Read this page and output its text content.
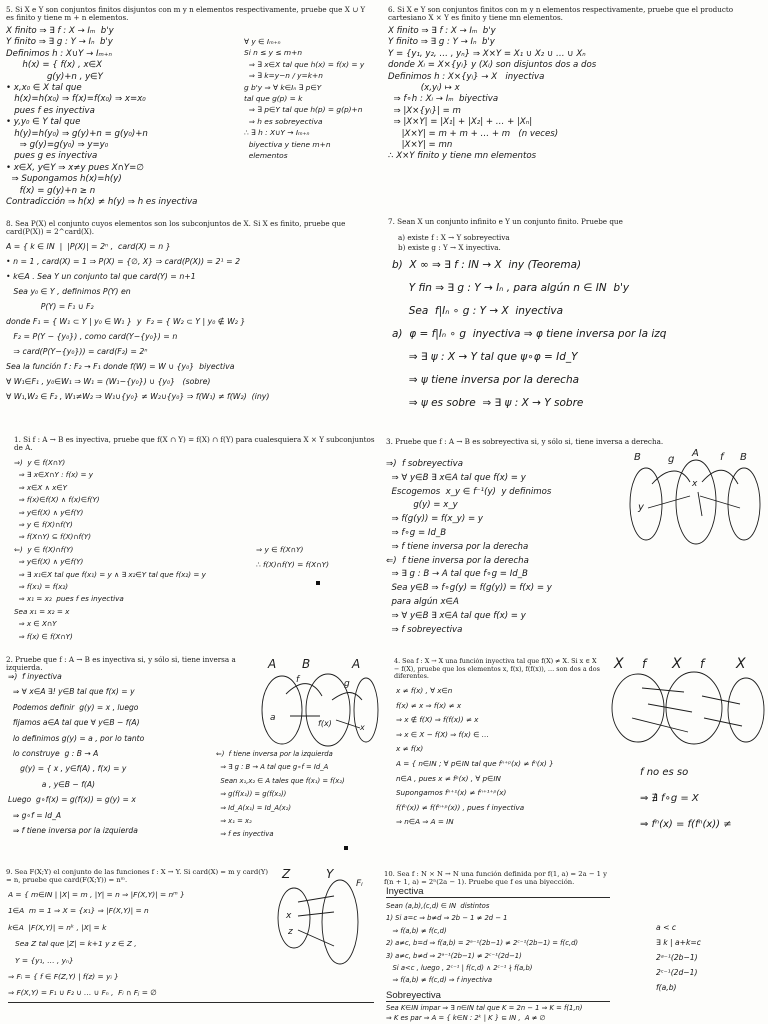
5. Si X e Y son conjuntos finitos disjuntos con m y n elementos respectivamente, pruebe que X ∪ Y es finito y tiene m + n elementos.
X finito ⇒ ∃ f : X → Iₘ  b'y
Y finito ⇒ ∃ g : Y → Iₙ  b'y
Definimos h : X∪Y → Iₘ₊ₙ
h(x) = { f(x) , x∈X
g(y)+n , y∈Y
• x,x₀ ∈ X tal que
h(x)=h(x₀) ⇒ f(x)=f(x₀) ⇒ x=x₀
pues f es inyectiva
• y,y₀ ∈ Y tal que
h(y)=h(y₀) ⇒ g(y)+n = g(y₀)+n
⇒ g(y)=g(y₀) ⇒ y=y₀
pues g es inyectiva
• x∈X, y∈Y ⇒ x≠y pues X∩Y=∅
⇒ Supongamos h(x)=h(y)
f(x) = g(y)+n ≥ n
Contradicción ⇒ h(x) ≠ h(y) ⇒ h es inyectiva
∀ y ∈ Iₘ₊ₙ
Si n ≤ y ≤ m+n
⇒ ∃ x∈X tal que h(x) = f(x) = y
⇒ ∃ k=y−n / y=k+n
g b'y ⇒ ∀ k∈Iₙ ∃ p∈Y
tal que g(p) = k
⇒ ∃ p∈Y tal que h(p) = g(p)+n
⇒ h es sobreyectiva
∴ ∃ h : X∪Y → Iₘ₊ₙ
biyectiva y tiene m+n
elementos
6. Si X e Y son conjuntos finitos con m y n elementos respectivamente, pruebe que el producto cartesiano X × Y es finito y tiene mn elementos.
X finito ⇒ ∃ f : X → Iₘ  b'y
Y finito ⇒ ∃ g : Y → Iₙ  b'y
Y = {y₁, y₂, … , yₙ} ⇒ X×Y = X₁ ∪ X₂ ∪ … ∪ Xₙ
donde Xᵢ = X×{yᵢ} y (Xᵢ) son disjuntos dos a dos
Definimos h : X×{yᵢ} → X   inyectiva
(x,yᵢ) ↦ x
⇒ f∘h : Xᵢ → Iₘ  biyectiva
⇒ |X×{yᵢ}| = m
⇒ |X×Y| = |X₁| + |X₂| + … + |Xₙ|
|X×Y| = m + m + … + m   (n veces)
|X×Y| = mn
∴ X×Y finito y tiene mn elementos
8. Sea P(X) el conjunto cuyos elementos son los subconjuntos de X. Si X es finito, pruebe que card(P(X)) = 2^card(X).
A = { k ∈ IN  |  |P(X)| = 2ⁿ ,  card(X) = n }
• n = 1 , card(X) = 1 ⇒ P(X) = {∅, X} ⇒ card(P(X)) = 2¹ = 2
• k∈A . Sea Y un conjunto tal que card(Y) = n+1
Sea y₀ ∈ Y , definimos P(Y) en
P(Y) = F₁ ∪ F₂
donde F₁ = { W₁ ⊂ Y | y₀ ∈ W₁ }  y  F₂ = { W₂ ⊂ Y | y₀ ∉ W₂ }
F₂ = P(Y − {y₀}) , como card(Y−{y₀}) = n
⇒ card(P(Y−{y₀})) = card(F₂) = 2ⁿ
Sea la función f : F₂ → F₁ donde f(W) = W ∪ {y₀}  biyectiva
∀ W₁∈F₁ , y₀∈W₁ ⇒ W₁ = (W₁−{y₀}) ∪ {y₀}   (sobre)
∀ W₁,W₂ ∈ F₂ , W₁≠W₂ ⇒ W₁∪{y₀} ≠ W₂∪{y₀} ⇒ f(W₁) ≠ f(W₂)  (iny)
7. Sean X un conjunto infinito e Y un conjunto finito. Pruebe que
a) existe f : X → Y sobreyectiva
b) existe g : Y → X inyectiva.
b)  X ∞ ⇒ ∃ f : IN → X  iny (Teorema)
Y fin ⇒ ∃ g : Y → Iₙ , para algún n ∈ IN  b'y
Sea  f|Iₙ ∘ g : Y → X  inyectiva
a)  φ = f|Iₙ ∘ g  inyectiva ⇒ φ tiene inversa por la izq
⇒ ∃ ψ : X → Y tal que ψ∘φ = Id_Y
⇒ ψ tiene inversa por la derecha
⇒ ψ es sobre  ⇒ ∃ ψ : X → Y sobre
1. Si f : A → B es inyectiva, pruebe que f(X ∩ Y) = f(X) ∩ f(Y) para cualesquiera X × Y subconjuntos de A.
⇒)  y ∈ f(X∩Y)
⇒ ∃ x∈X∩Y : f(x) = y
⇒ x∈X ∧ x∈Y
⇒ f(x)∈f(X) ∧ f(x)∈f(Y)
⇒ y∈f(X) ∧ y∈f(Y)
⇒ y ∈ f(X)∩f(Y)
⇒ f(X∩Y) ⊆ f(X)∩f(Y)
⇐)  y ∈ f(X)∩f(Y)
⇒ y∈f(X) ∧ y∈f(Y)
⇒ ∃ x₁∈X tal que f(x₁) = y ∧ ∃ x₂∈Y tal que f(x₂) = y
⇒ f(x₁) = f(x₂)
⇒ x₁ = x₂  pues f es inyectiva
Sea x₁ = x₂ = x
⇒ x ∈ X∩Y
⇒ f(x) ∈ f(X∩Y)
⇒ y ∈ f(X∩Y)
∴ f(X)∩f(Y) = f(X∩Y)
3. Pruebe que f : A → B es sobreyectiva si, y sólo si, tiene inversa a derecha.
⇒)  f sobreyectiva
⇒ ∀ y∈B ∃ x∈A tal que f(x) = y
Escogemos  x_y ∈ f⁻¹(y)  y definimos
g(y) = x_y
⇒ f(g(y)) = f(x_y) = y
⇒ f∘g = Id_B
⇒ f tiene inversa por la derecha
⇐)  f tiene inversa por la derecha
⇒ ∃ g : B → A tal que f∘g = Id_B
Sea y∈B ⇒ f∘g(y) = f(g(y)) = f(x) = y
para algún x∈A
⇒ ∀ y∈B ∃ x∈A tal que f(x) = y
⇒ f sobreyectiva
A
B	B
g	f
y
x
2. Pruebe que f : A → B es inyectiva si, y sólo si, tiene inversa a izquierda.
⇒)  f inyectiva
⇒ ∀ x∈A ∃! y∈B tal que f(x) = y
Podemos definir  g(y) = x , luego
fijamos a∈A tal que ∀ y∈B − f(A)
lo definimos g(y) = a , por lo tanto
lo construye  g : B → A
g(y) = { x , y∈f(A) , f(x) = y
a , y∈B − f(A)
Luego  g∘f(x) = g(f(x)) = g(y) = x
⇒ g∘f = Id_A
⇒ f tiene inversa por la izquierda
A B	A
f	g
a
f(x)	x
⇐)  f tiene inversa por la izquierda
⇒ ∃ g : B → A tal que g∘f = Id_A
Sean x₁,x₂ ∈ A tales que f(x₁) = f(x₂)
⇒ g(f(x₁)) = g(f(x₂))
⇒ Id_A(x₁) = Id_A(x₂)
⇒ x₁ = x₂
⇒ f es inyectiva
4. Sea f : X → X una función inyectiva tal que f(X) ≠ X. Si x ∈ X − f(X), pruebe que los elementos x, f(x), f(f(x)), … son dos a dos diferentes.
x ≠ f(x) , ∀ x∈n
f(x) ≠ x ⇒ f(x) ≠ x
⇒ x ∉ f(X) ⇒ f(f(x)) ≠ x
⇒ x ∈ X − f(X) ⇒ f(x) ∈ …
x ≠ f(x)
A = { n∈IN ; ∀ p∈IN tal que fⁿ⁺ᵖ(x) ≠ fⁿ(x) }
n∈A , pues x ≠ fᵖ(x) , ∀ p∈IN
Supongamos fⁿ⁺¹(x) ≠ fⁿ⁺¹⁺ᵖ(x)
f(fⁿ(x)) ≠ f(fⁿ⁺ᵖ(x)) , pues f inyectiva
⇒ n∈A ⇒ A = IN
X f X f X
f no es so
⇒ ∄ f∘g = X
⇒ fⁿ(x) = f(fⁿ(x)) ≠
9. Sea F(X;Y) el conjunto de las funciones f : X → Y. Si card(X) = m y card(Y) = n, pruebe que card(F(X;Y)) = nᵐ.
A = { m∈IN | |X| = m , |Y| = n ⇒ |F(X,Y)| = nᵐ }
1∈A  m = 1 ⇒ X = {x₁} ⇒ |F(X,Y)| = n
k∈A  |F(X,Y)| = nᵏ , |X| = k
Sea Z tal que |Z| = k+1 y z ∈ Z ,
Y = {y₁, … , yₙ}
⇒ Fᵢ = { f ∈ F(Z,Y) | f(z) = yᵢ }
⇒ F(X,Y) = F₁ ∪ F₂ ∪ … ∪ Fₙ ,  Fᵢ ∩ Fⱼ = ∅
Z	Y
x
z
Fᵢ
10. Sea f : N × N → N una función definida por f(1, a) = 2a − 1 y f(n + 1, a) = 2ⁿ(2a − 1). Pruebe que f es una biyección.
Inyectiva
Sean (a,b),(c,d) ∈ IN  distintos
1) Si a=c ⇒ b≠d ⇒ 2b − 1 ≠ 2d − 1
⇒ f(a,b) ≠ f(c,d)
2) a≠c, b=d ⇒ f(a,b) = 2ᵃ⁻¹(2b−1) ≠ 2ᶜ⁻¹(2b−1) = f(c,d)
3) a≠c, b≠d ⇒ 2ᵃ⁻¹(2b−1) ≠ 2ᶜ⁻¹(2d−1)
Si a<c , luego , 2ᶜ⁻¹ | f(c,d) ∧ 2ᶜ⁻¹ ∤ f(a,b)
⇒ f(a,b) ≠ f(c,d) ⇒ f inyectiva
Sobreyectiva
Sea K∈IN impar ⇒ ∃ n∈IN tal que K = 2n − 1 ⇒ K = f(1,n)
⇒ K es par ⇒ A = { k∈N : 2ᵏ | K } ⊆ IN ,  A ≠ ∅
a < c
∃ k | a+k=c
2ᵃ⁻¹(2b−1)
2ᶜ⁻¹(2d−1)
f(a,b)
